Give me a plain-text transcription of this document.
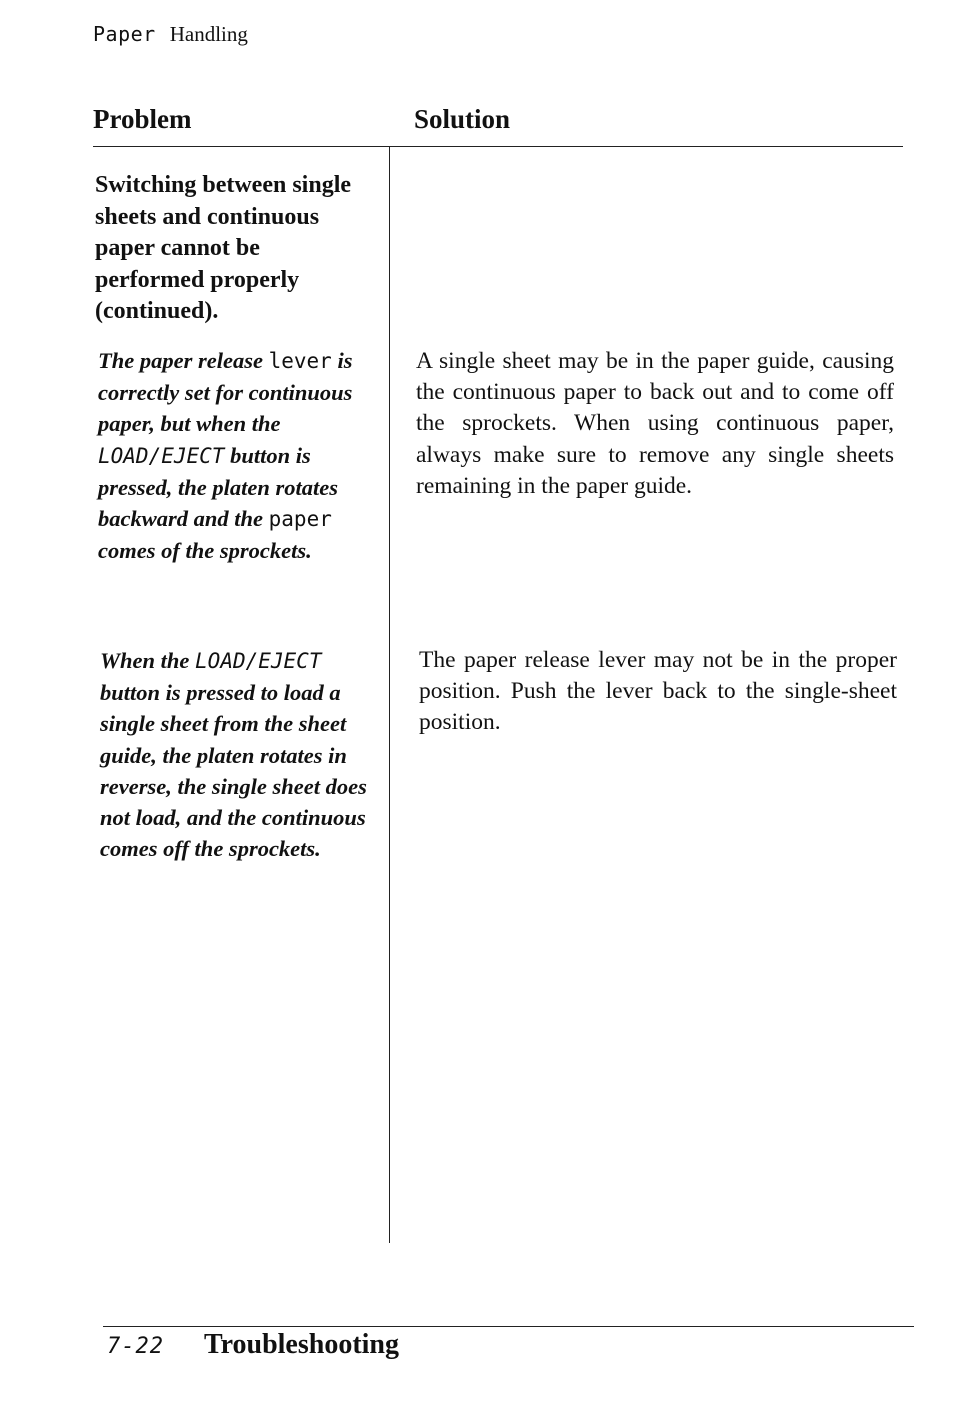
Paper Handling
Problem	Solution
Switching between single sheets and continuous paper cannot be performed properly (continued).
The paper release lever is correctly set for continuous paper, but when the LOAD/EJECT button is pressed, the platen rotates backward and the paper comes of the sprockets.
A single sheet may be in the paper guide, causing the continuous paper to back out and to come off the sprockets. When using continuous paper, always make sure to remove any single sheets remaining in the paper guide.
When the LOAD/EJECT button is pressed to load a single sheet from the sheet guide, the platen rotates in reverse, the single sheet does not load, and the continuous comes off the sprockets.
The paper release lever may not be in the proper position. Push the lever back to the single-sheet position.
7-22 Troubleshooting
